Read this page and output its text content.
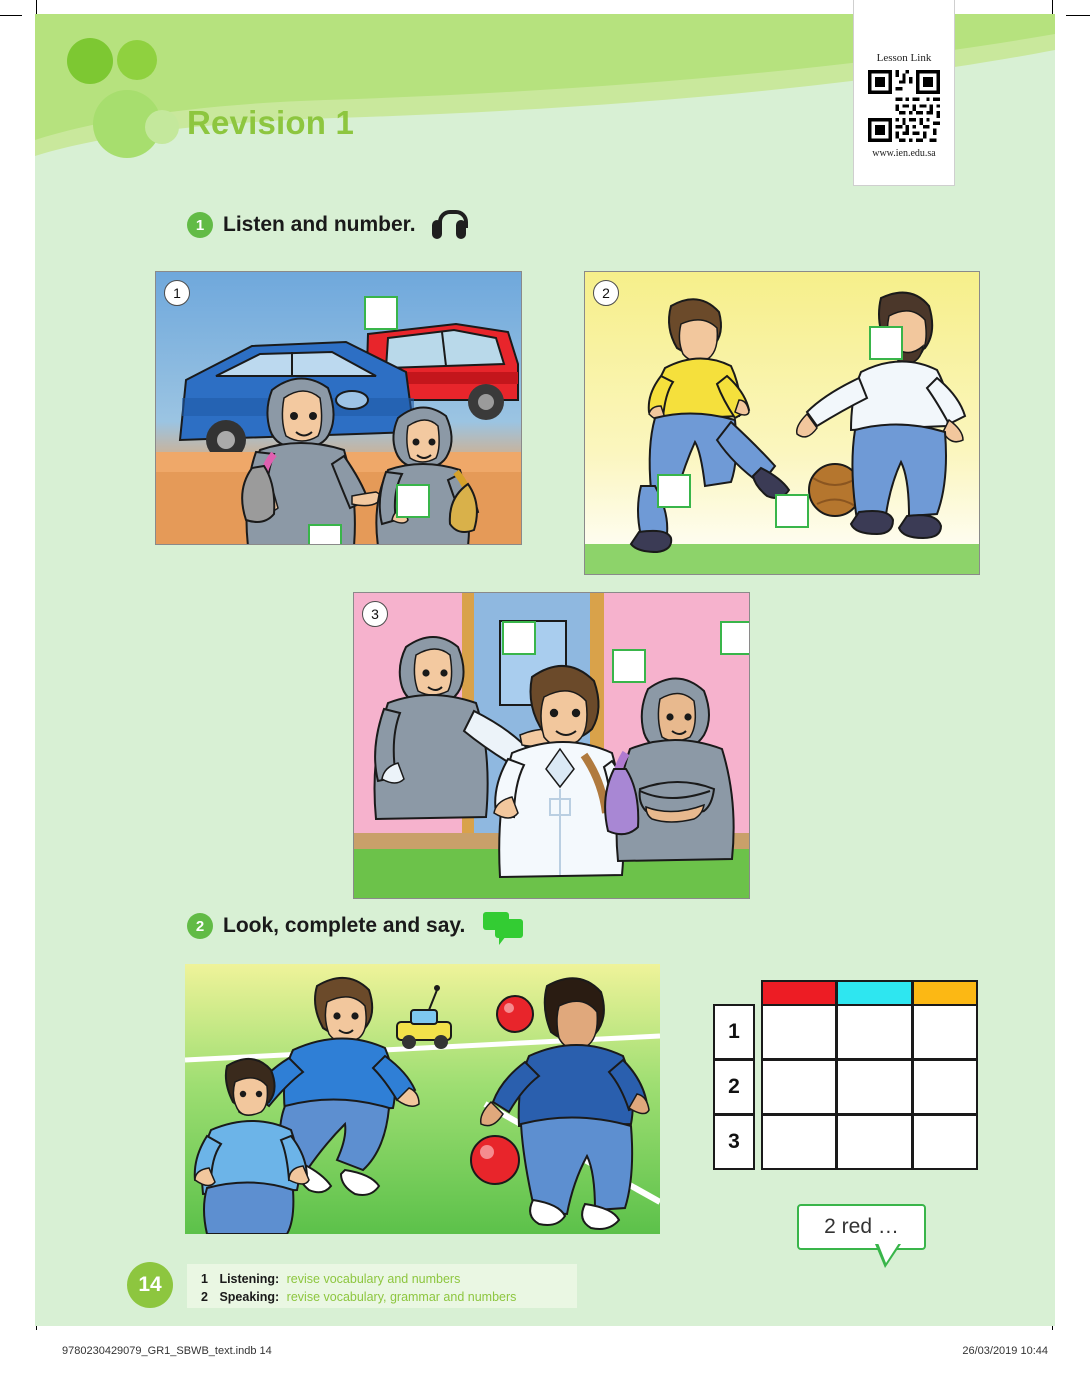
Revision 1
Lesson Link
www.ien.edu.sa
1 Listen and number.
1	2
3
2 Look, complete and say.
1
2
3
2 red …
14	1 Listening: revise vocabulary and numbers
2 Speaking: revise vocabulary, grammar and numbers
9780230429079_GR1_SBWB_text.indb 14	26/03/2019 10:44
